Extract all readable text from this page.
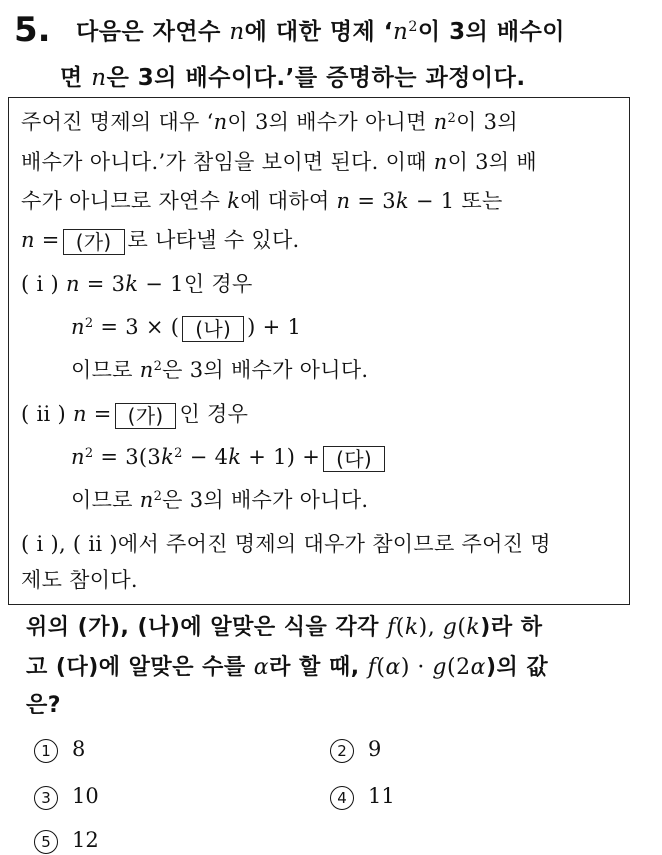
5. 다음은 자연수 n에 대한 명제 ‘$n^2$이 3의 배수이
면 n은 3의 배수이다.’를 증명하는 과정이다.
주어진 명제의 대우 ‘n이 3의 배수가 아니면 $n^2$이 3의
배수가 아니다.’가 참임을 보이면 된다. 이때 n이 3의 배
수가 아니므로 자연수 k에 대하여 n = 3k − 1 또는
n = (가) 로 나타낼 수 있다.
( i ) n = 3k − 1인 경우
$n^2 = 3$ × ( (나) ) + 1
이므로 $n^2$은 3의 배수가 아니다.
( ii ) n = (가) 인 경우
$n^2 = 3(3k^2 - 4k + 1)$ + (다)
이므로 $n^2$은 3의 배수가 아니다.
( i ), ( ii )에서 주어진 명제의 대우가 참이므로 주어진 명
제도 참이다.
위의 (가), (나)에 알맞은 식을 각각 f(k), g(k)라 하
고 (다)에 알맞은 수를 α라 할 때, f(α) · g(2α)의 값
은?
1 8	2 9
3 10	4 11
5 12
